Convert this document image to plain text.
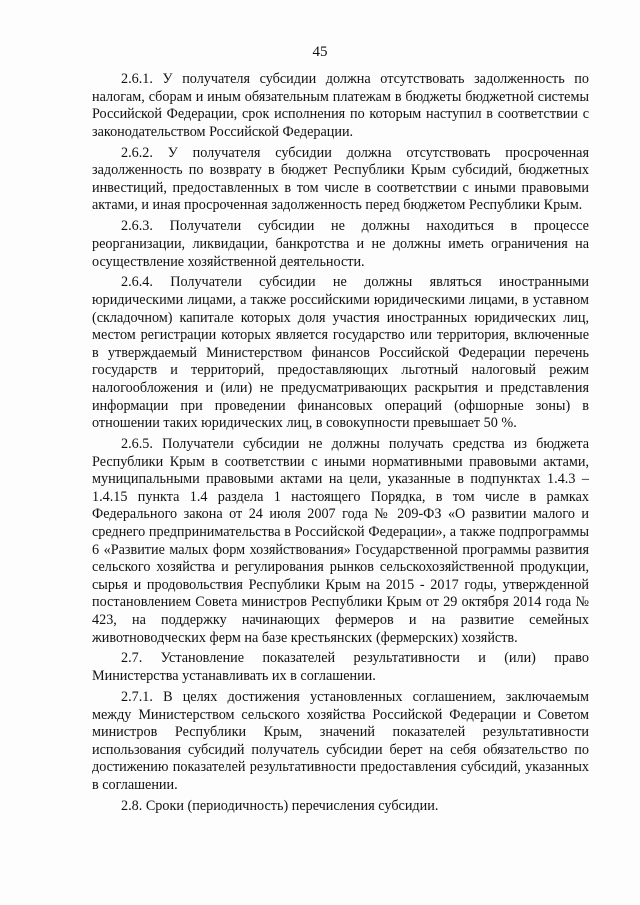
45

2.6.1. У получателя субсидии должна отсутствовать задолженность по налогам, сборам и иным обязательным платежам в бюджеты бюджетной системы Российской Федерации, срок исполнения по которым наступил в соответствии с законодательством Российской Федерации.

2.6.2. У получателя субсидии должна отсутствовать просроченная задолженность по возврату в бюджет Республики Крым субсидий, бюджетных инвестиций, предоставленных в том числе в соответствии с иными правовыми актами, и иная просроченная задолженность перед бюджетом Республики Крым.

2.6.3. Получатели субсидии не должны находиться в процессе реорганизации, ликвидации, банкротства и не должны иметь ограничения на осуществление хозяйственной деятельности.

2.6.4. Получатели субсидии не должны являться иностранными юридическими лицами, а также российскими юридическими лицами, в уставном (складочном) капитале которых доля участия иностранных юридических лиц, местом регистрации которых является государство или территория, включенные в утверждаемый Министерством финансов Российской Федерации перечень государств и территорий, предоставляющих льготный налоговый режим налогообложения и (или) не предусматривающих раскрытия и представления информации при проведении финансовых операций (офшорные зоны) в отношении таких юридических лиц, в совокупности превышает 50 %.

2.6.5. Получатели субсидии не должны получать средства из бюджета Республики Крым в соответствии с иными нормативными правовыми актами, муниципальными правовыми актами на цели, указанные в подпунктах 1.4.3 – 1.4.15 пункта 1.4 раздела 1 настоящего Порядка, в том числе в рамках Федерального закона от 24 июля 2007 года № 209-ФЗ «О развитии малого и среднего предпринимательства в Российской Федерации», а также подпрограммы 6 «Развитие малых форм хозяйствования» Государственной программы развития сельского хозяйства и регулирования рынков сельскохозяйственной продукции, сырья и продовольствия Республики Крым на 2015 - 2017 годы, утвержденной постановлением Совета министров Республики Крым от 29 октября 2014 года № 423, на поддержку начинающих фермеров и на развитие семейных животноводческих ферм на базе крестьянских (фермерских) хозяйств.

2.7. Установление показателей результативности и (или) право Министерства устанавливать их в соглашении.

2.7.1. В целях достижения установленных соглашением, заключаемым между Министерством сельского хозяйства Российской Федерации и Советом министров Республики Крым, значений показателей результативности использования субсидий получатель субсидии берет на себя обязательство по достижению показателей результативности предоставления субсидий, указанных в соглашении.

2.8. Сроки (периодичность) перечисления субсидии.
